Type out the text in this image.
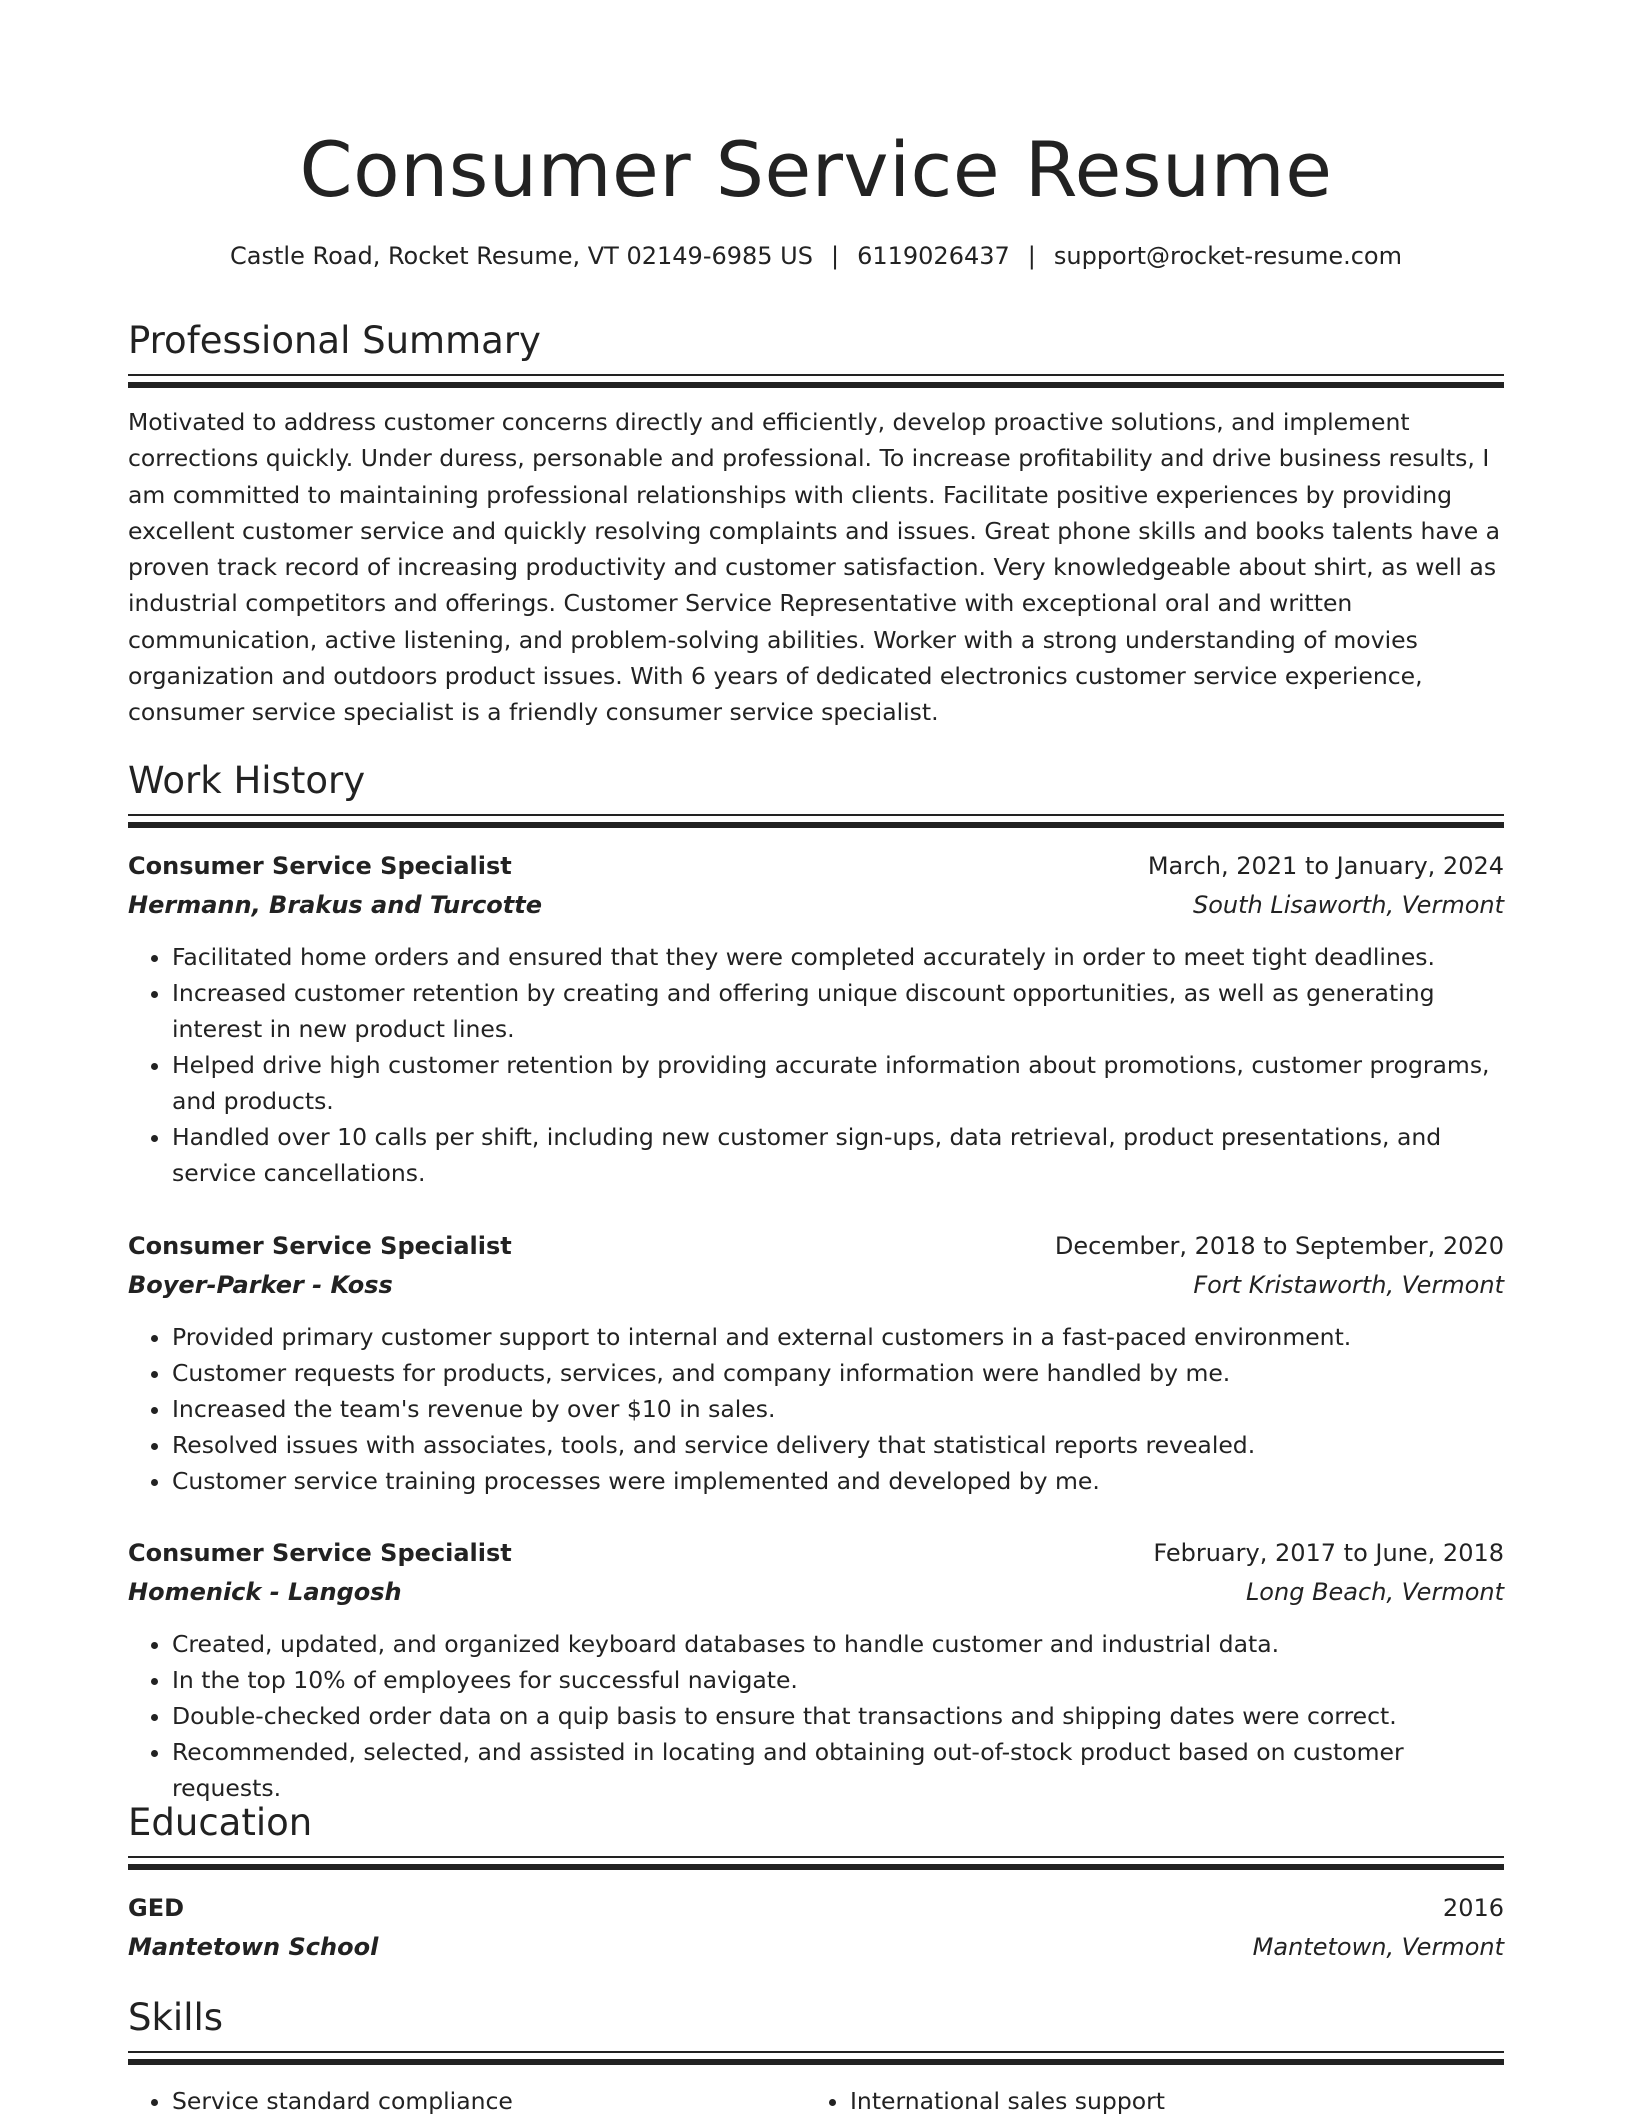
Consumer Service Resume
Castle Road, Rocket Resume, VT 02149-6985 US | 6119026437 | support@rocket-resume.com
Professional Summary
Motivated to address customer concerns directly and efficiently, develop proactive solutions, and implement corrections quickly. Under duress, personable and professional. To increase profitability and drive business results, I am committed to maintaining professional relationships with clients. Facilitate positive experiences by providing excellent customer service and quickly resolving complaints and issues. Great phone skills and books talents have a proven track record of increasing productivity and customer satisfaction. Very knowledgeable about shirt, as well as industrial competitors and offerings. Customer Service Representative with exceptional oral and written communication, active listening, and problem-solving abilities. Worker with a strong understanding of movies organization and outdoors product issues. With 6 years of dedicated electronics customer service experience, consumer service specialist is a friendly consumer service specialist.
Work History
Consumer Service Specialist	March, 2021 to January, 2024
Hermann, Brakus and Turcotte	South Lisaworth, Vermont
• Facilitated home orders and ensured that they were completed accurately in order to meet tight deadlines.
• Increased customer retention by creating and offering unique discount opportunities, as well as generating interest in new product lines.
• Helped drive high customer retention by providing accurate information about promotions, customer programs, and products.
• Handled over 10 calls per shift, including new customer sign-ups, data retrieval, product presentations, and service cancellations.
Consumer Service Specialist	December, 2018 to September, 2020
Boyer-Parker - Koss	Fort Kristaworth, Vermont
• Provided primary customer support to internal and external customers in a fast-paced environment.
• Customer requests for products, services, and company information were handled by me.
• Increased the team's revenue by over $10 in sales.
• Resolved issues with associates, tools, and service delivery that statistical reports revealed.
• Customer service training processes were implemented and developed by me.
Consumer Service Specialist	February, 2017 to June, 2018
Homenick - Langosh	Long Beach, Vermont
• Created, updated, and organized keyboard databases to handle customer and industrial data.
• In the top 10% of employees for successful navigate.
• Double-checked order data on a quip basis to ensure that transactions and shipping dates were correct.
• Recommended, selected, and assisted in locating and obtaining out-of-stock product based on customer requests.
Education
GED	2016
Mantetown School	Mantetown, Vermont
Skills
• Service standard compliance
•	International sales support
